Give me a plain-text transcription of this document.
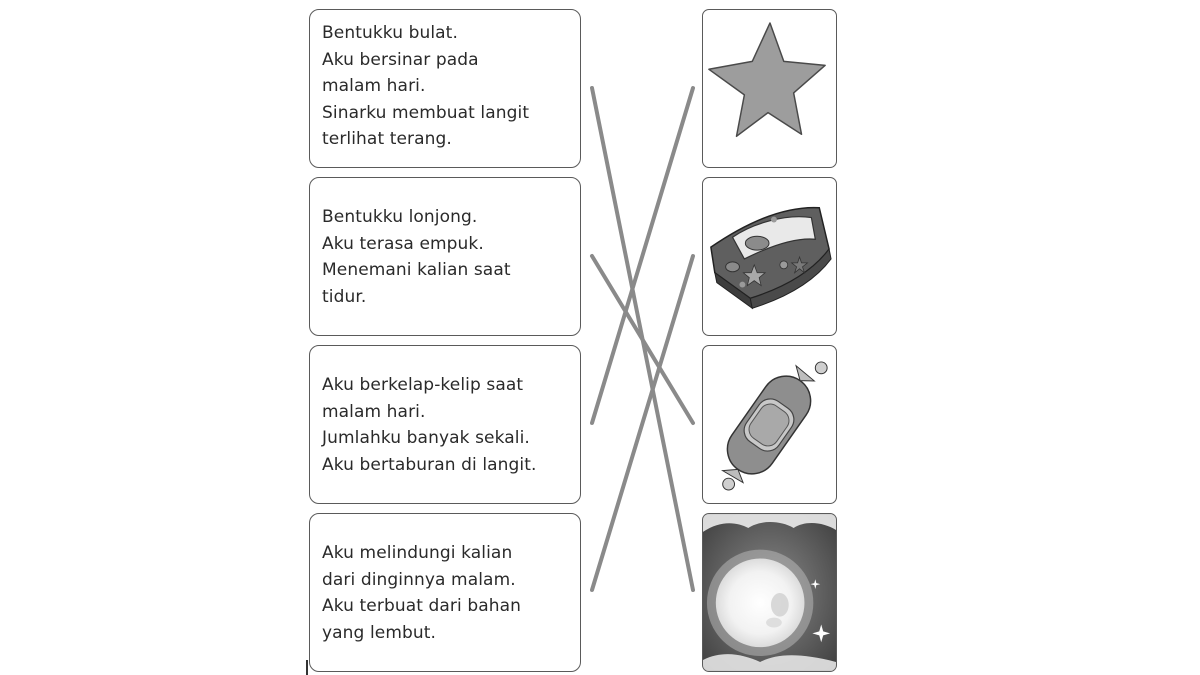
Bentukku bulat.
Aku bersinar pada
malam hari.
Sinarku membuat langit
terlihat terang.
Bentukku lonjong.
Aku terasa empuk.
Menemani kalian saat
tidur.
Aku berkelap-kelip saat
malam hari.
Jumlahku banyak sekali.
Aku bertaburan di langit.
Aku melindungi kalian
dari dinginnya malam.
Aku terbuat dari bahan
yang lembut.
